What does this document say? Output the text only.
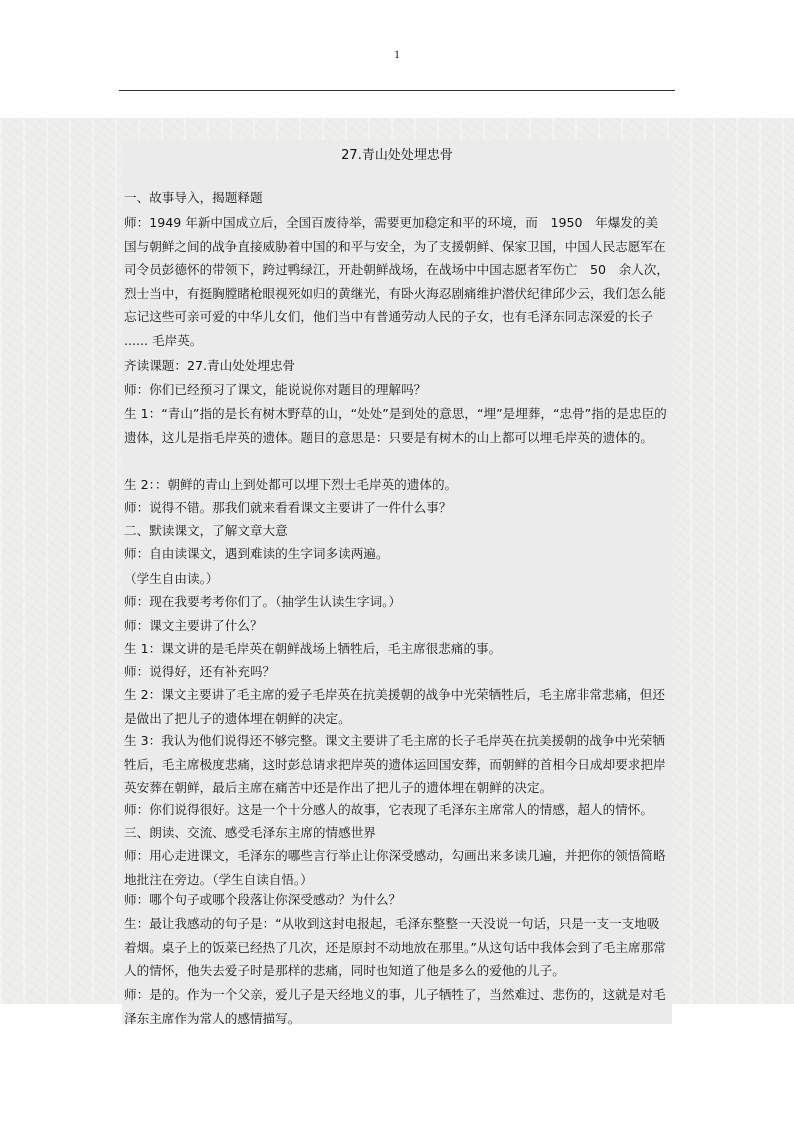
1
27.青山处处埋忠骨
一、故事导入，揭题释题
师：1949 年新中国成立后，全国百废待举，需要更加稳定和平的环境，而　1950　年爆发的美国与朝鲜之间的战争直接威胁着中国的和平与安全，为了支援朝鲜、保家卫国，中国人民志愿军在司令员彭德怀的带领下，跨过鸭绿江，开赴朝鲜战场，在战场中中国志愿者军伤亡　50　余人次，烈士当中，有挺胸膛睹枪眼视死如归的黄继光，有卧火海忍剧痛维护潜伏纪律邱少云，我们怎么能忘记这些可亲可爱的中华儿女们，他们当中有普通劳动人民的子女，也有毛泽东同志深爱的长子 ...... 毛岸英。
齐读课题：27.青山处处埋忠骨
师：你们已经预习了课文，能说说你对题目的理解吗？
生 1：“青山”指的是长有树木野草的山，“处处”是到处的意思，“埋”是埋葬，“忠骨”指的是忠臣的遗体，这儿是指毛岸英的遗体。题目的意思是：只要是有树木的山上都可以埋毛岸英的遗体的。
生 2：：朝鲜的青山上到处都可以埋下烈士毛岸英的遗体的。
师：说得不错。那我们就来看看课文主要讲了一件什么事？
二、默读课文，了解文章大意
师：自由读课文，遇到难读的生字词多读两遍。
（学生自由读。）
师：现在我要考考你们了。（抽学生认读生字词。）
师：课文主要讲了什么？
生 1：课文讲的是毛岸英在朝鲜战场上牺牲后，毛主席很悲痛的事。
师：说得好，还有补充吗？
生 2：课文主要讲了毛主席的爱子毛岸英在抗美援朝的战争中光荣牺牲后，毛主席非常悲痛，但还是做出了把儿子的遗体埋在朝鲜的决定。
生 3：我认为他们说得还不够完整。课文主要讲了毛主席的长子毛岸英在抗美援朝的战争中光荣牺牲后，毛主席极度悲痛，这时彭总请求把岸英的遗体运回国安葬，而朝鲜的首相今日成却要求把岸英安葬在朝鲜，最后主席在痛苦中还是作出了把儿子的遗体埋在朝鲜的决定。
师：你们说得很好。这是一个十分感人的故事，它表现了毛泽东主席常人的情感，超人的情怀。
三、朗读、交流、感受毛泽东主席的情感世界
师：用心走进课文，毛泽东的哪些言行举止让你深受感动，勾画出来多读几遍，并把你的领悟简略地批注在旁边。（学生自读自悟。）
师：哪个句子或哪个段落让你深受感动？为什么？
生：最让我感动的句子是：“从收到这封电报起，毛泽东整整一天没说一句话，只是一支一支地吸着烟。桌子上的饭菜已经热了几次，还是原封不动地放在那里。”从这句话中我体会到了毛主席那常人的情怀，他失去爱子时是那样的悲痛，同时也知道了他是多么的爱他的儿子。
师：是的。作为一个父亲，爱儿子是天经地义的事，儿子牺牲了，当然难过、悲伤的，这就是对毛泽东主席作为常人的感情描写。
